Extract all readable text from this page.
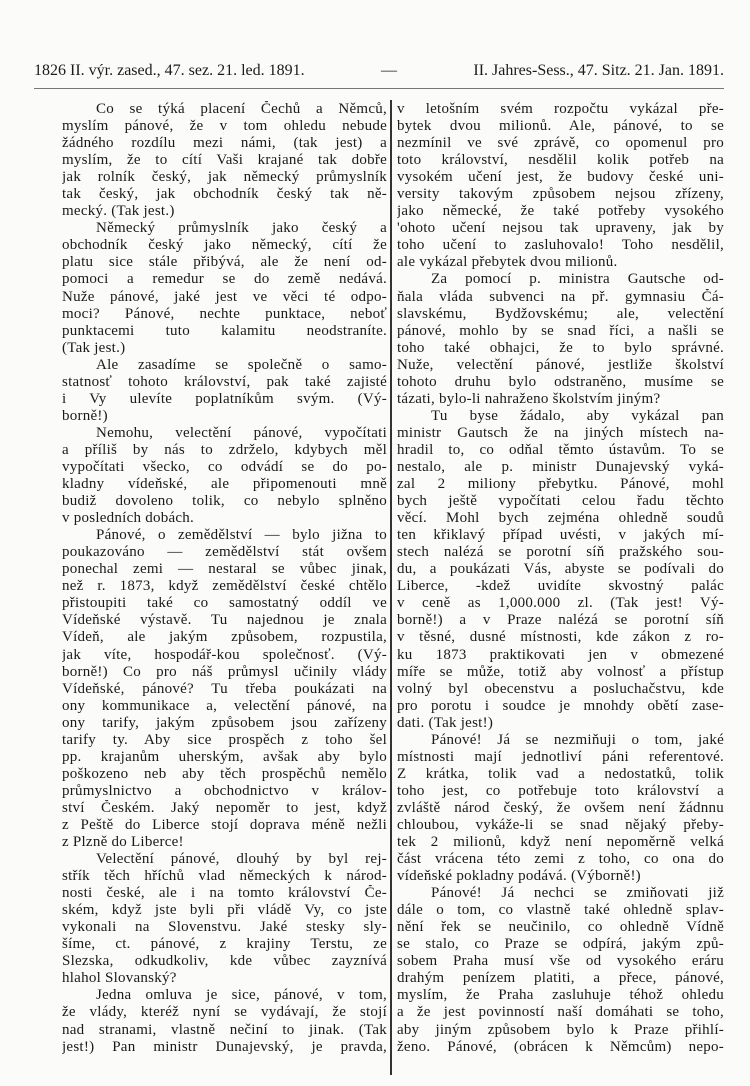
1826 II. výr. zased., 47. sez. 21. led. 1891.	—	II. Jahres-Sess., 47. Sitz. 21. Jan. 1891.
Co se týká placení Čechů a Němců,
myslím pánové, že v tom ohledu nebude
žádného rozdílu mezi námi, (tak jest) a
myslím, že to cítí Vaši krajané tak dobře
jak rolník český, jak německý průmyslník
tak český, jak obchodník český tak ně-
mecký. (Tak jest.)
Německý průmyslník jako český a
obchodník český jako německý, cítí že
platu sice stále přibývá, ale že není od-
pomoci a remedur se do země nedává.
Nuže pánové, jaké jest ve věci té odpo-
moci? Pánové, nechte punktace, neboť
punktacemi tuto kalamitu neodstraníte.
(Tak jest.)
Ale zasadíme se společně o samo-
statnosť tohoto království, pak také zajisté
i Vy ulevíte poplatníkům svým. (Vý-
borně!)
Nemohu, velectění pánové, vypočítati
a příliš by nás to zdrželo, kdybych měl
vypočítati všecko, co odvádí se do po-
kladny vídeňské, ale připomenouti mně
budiž dovoleno tolik, co nebylo splněno
v posledních dobách.
Pánové, o zemědělství — bylo jižna to
poukazováno — zemědělství stát ovšem
ponechal zemi — nestaral se vůbec jinak,
než r. 1873, když zemědělství české chtělo
přistoupiti také co samostatný oddíl ve
Vídeňské výstavě. Tu najednou je znala
Vídeň, ale jakým způsobem, rozpustila,
jak víte, hospodář-kou společnosť. (Vý-
borně!) Co pro náš průmysl učinily vlády
Vídeňské, pánové? Tu třeba poukázati na
ony kommunikace a, velectění pánové, na
ony tarify, jakým způsobem jsou zařízeny
tarify ty. Aby sice prospěch z toho šel
pp. krajanům uherským, avšak aby bylo
poškozeno neb aby těch prospěchů nemělo
průmyslnictvo a obchodnictvo v králov-
ství Českém. Jaký nepoměr to jest, když
z Peště do Liberce stojí doprava méně nežli
z Plzně do Liberce!
Velectění pánové, dlouhý by byl rej-
střík těch hříchů vlad německých k národ-
nosti české, ale i na tomto království Če-
ském, když jste byli při vládě Vy, co jste
vykonali na Slovenstvu. Jaké stesky sly-
šíme, ct. pánové, z krajiny Terstu, ze
Slezska, odkudkoliv, kde vůbec zayznívá
hlahol Slovanský?
Jedna omluva je sice, pánové, v tom,
že vlády, kteréž nyní se vydávají, že stojí
nad stranami, vlastně nečiní to jinak. (Tak
jest!) Pan ministr Dunajevský, je pravda,
v letošním svém rozpočtu vykázal pře-
bytek dvou milionů. Ale, pánové, to se
nezmínil ve své zprávě, co opomenul pro
toto království, nesdělil kolik potřeb na
vysokém učení jest, že budovy české uni-
versity takovým způsobem nejsou zřízeny,
jako německé, že také potřeby vysokého
'ohoto učení nejsou tak upraveny, jak by
toho učení to zasluhovalo! Toho nesdělil,
ale vykázal přebytek dvou milionů.
Za pomocí p. ministra Gautsche od-
ňala vláda subvenci na př. gymnasiu Čá-
slavskému, Bydžovskému; ale, velectění
pánové, mohlo by se snad říci, a našli se
toho také obhajci, že to bylo správné.
Nuže, velectění pánové, jestliže školství
tohoto druhu bylo odstraněno, musíme se
tázati, bylo-li nahraženo školstvím jiným?
Tu byse žádalo, aby vykázal pan
ministr Gautsch že na jiných místech na-
hradil to, co odňal těmto ústavům. To se
nestalo, ale p. ministr Dunajevský vyká-
zal 2 miliony přebytku. Pánové, mohl
bych ještě vypočítati celou řadu těchto
věcí. Mohl bych zejména ohledně soudů
ten křiklavý případ uvésti, v jakých mí-
stech nalézá se porotní síň pražského sou-
du, a poukázati Vás, abyste se podívali do
Liberce, -kdež uvidíte skvostný palác
v ceně as 1,000.000 zl. (Tak jest! Vý-
borně!) a v Praze nalézá se porotní síň
v těsné, dusné místnosti, kde zákon z ro-
ku 1873 praktikovati jen v obmezené
míře se může, totiž aby volnosť a přístup
volný byl obecenstvu a posluchačstvu, kde
pro porotu i soudce je mnohdy obětí zase-
dati. (Tak jest!)
Pánové! Já se nezmiňuji o tom, jaké
místnosti mají jednotliví páni referentové.
Z krátka, tolik vad a nedostatků, tolik
toho jest, co potřebuje toto království a
zvláště národ český, že ovšem není žádnnu
chloubou, vykáže-li se snad nějaký přeby-
tek 2 milionů, když není nepoměrně velká
část vrácena této zemi z toho, co ona do
vídeňské pokladny podává. (Výborně!)
Pánové! Já nechci se zmiňovati již
dále o tom, co vlastně také ohledně splav-
nění řek se neučinilo, co ohledně Vídně
se stalo, co Praze se odpírá, jakým způ-
sobem Praha musí vše od vysokého eráru
drahým penízem platiti, a přece, pánové,
myslím, že Praha zasluhuje téhož ohledu
a že jest povinností naší domáhati se toho,
aby jiným způsobem bylo k Praze přihlí-
ženo. Pánové, (obrácen k Němcům) nepo-
